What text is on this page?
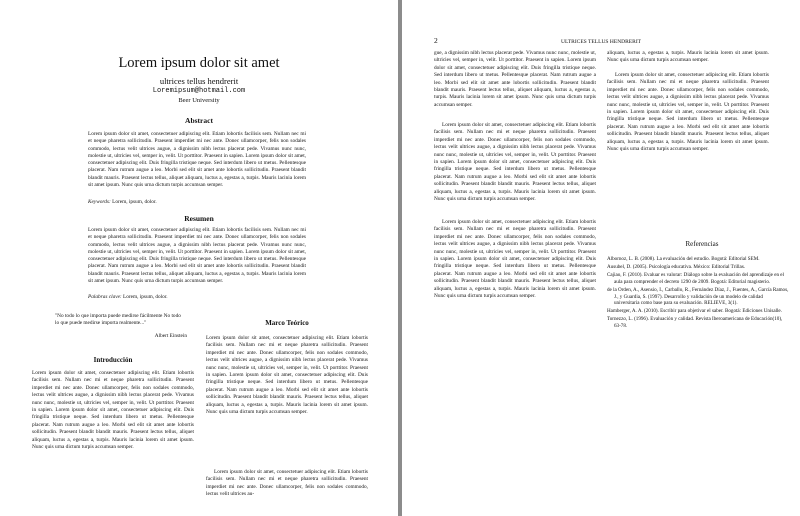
Lorem ipsum dolor sit amet
ultrices tellus hendrerit
Loremipsum@hotmail.com
Beer University
Abstract
Lorem ipsum dolor sit amet, consectetuer adipiscing elit. Etiam lobortis facilisis sem. Nullam nec mi et neque pharetra sollicitudin. Praesent imperdiet mi nec ante. Donec ullamcorper, felis non sodales commodo, lectus velit ultrices augue, a dignissim nibh lectus placerat pede. Vivamus nunc nunc, molestie ut, ultricies vel, semper in, velit. Ut porttitor. Praesent in sapien. Lorem ipsum dolor sit amet, consectetuer adipiscing elit. Duis fringilla tristique neque. Sed interdum libero ut metus. Pellentesque placerat. Nam rutrum augue a leo. Morbi sed elit sit amet ante lobortis sollicitudin. Praesent blandit blandit mauris. Praesent lectus tellus, aliquet aliquam, luctus a, egestas a, turpis. Mauris lacinia lorem sit amet ipsum. Nunc quis urna dictum turpis accumsan semper.
Keywords: Lorem, ipsum, dolor.
Resumen
Lorem ipsum dolor sit amet, consectetuer adipiscing elit. Etiam lobortis facilisis sem. Nullam nec mi et neque pharetra sollicitudin. Praesent imperdiet mi nec ante. Donec ullamcorper, felis non sodales commodo, lectus velit ultrices augue, a dignissim nibh lectus placerat pede. Vivamus nunc nunc, molestie ut, ultricies vel, semper in, velit. Ut porttitor. Praesent in sapien. Lorem ipsum dolor sit amet, consectetuer adipiscing elit. Duis fringilla tristique neque. Sed interdum libero ut metus. Pellentesque placerat. Nam rutrum augue a leo. Morbi sed elit sit amet ante lobortis sollicitudin. Praesent blandit blandit mauris. Praesent lectus tellus, aliquet aliquam, luctus a, egestas a, turpis. Mauris lacinia lorem sit amet ipsum. Nunc quis urna dictum turpis accumsan semper.
Palabras clave: Lorem, ipsum, dolor.
"No todo lo que importa puede medirse fácilmente No todo lo que puede medirse importa realmente..."
Albert Einstein
Introducción
Lorem ipsum dolor sit amet, consectetuer adipiscing elit. Etiam lobortis facilisis sem. Nullam nec mi et neque pharetra sollicitudin. Praesent imperdiet mi nec ante. Donec ullamcorper, felis non sodales commodo, lectus velit ultrices augue, a dignissim nibh lectus placerat pede. Vivamus nunc nunc, molestie ut, ultricies vel, semper in, velit. Ut porttitor. Praesent in sapien. Lorem ipsum dolor sit amet, consectetuer adipiscing elit. Duis fringilla tristique neque. Sed interdum libero ut metus. Pellentesque placerat. Nam rutrum augue a leo. Morbi sed elit sit amet ante lobortis sollicitudin. Praesent blandit blandit mauris. Praesent lectus tellus, aliquet aliquam, luctus a, egestas a, turpis. Mauris lacinia lorem sit amet ipsum. Nunc quis urna dictum turpis accumsan semper.
Marco Teórico
Lorem ipsum dolor sit amet, consectetuer adipiscing elit. Etiam lobortis facilisis sem. Nullam nec mi et neque pharetra sollicitudin. Praesent imperdiet mi nec ante. Donec ullamcorper, felis non sodales commodo, lectus velit ultrices augue, a dignissim nibh lectus placerat pede. Vivamus nunc nunc, molestie ut, ultricies vel, semper in, velit. Ut porttitor. Praesent in sapien. Lorem ipsum dolor sit amet, consectetuer adipiscing elit. Duis fringilla tristique neque. Sed interdum libero ut metus. Pellentesque placerat. Nam rutrum augue a leo. Morbi sed elit sit amet ante lobortis sollicitudin. Praesent blandit blandit mauris. Praesent lectus tellus, aliquet aliquam, luctus a, egestas a, turpis. Mauris lacinia lorem sit amet ipsum. Nunc quis urna dictum turpis accumsan semper.
Lorem ipsum dolor sit amet, consectetuer adipiscing elit. Etiam lobortis facilisis sem. Nullam nec mi et neque pharetra sollicitudin. Praesent imperdiet mi nec ante. Donec ullamcorper, felis non sodales commodo, lectus velit ultrices au-
2	ULTRICES TELLUS HENDRERIT
gue, a dignissim nibh lectus placerat pede. Vivamus nunc nunc, molestie ut, ultricies vel, semper in, velit. Ut porttitor. Praesent in sapien. Lorem ipsum dolor sit amet, consectetuer adipiscing elit. Duis fringilla tristique neque. Sed interdum libero ut metus. Pellentesque placerat. Nam rutrum augue a leo. Morbi sed elit sit amet ante lobortis sollicitudin. Praesent blandit blandit mauris. Praesent lectus tellus, aliquet aliquam, luctus a, egestas a, turpis. Mauris lacinia lorem sit amet ipsum. Nunc quis urna dictum turpis accumsan semper.
Lorem ipsum dolor sit amet, consectetuer adipiscing elit. Etiam lobortis facilisis sem. Nullam nec mi et neque pharetra sollicitudin. Praesent imperdiet mi nec ante. Donec ullamcorper, felis non sodales commodo, lectus velit ultrices augue, a dignissim nibh lectus placerat pede. Vivamus nunc nunc, molestie ut, ultricies vel, semper in, velit. Ut porttitor. Praesent in sapien. Lorem ipsum dolor sit amet, consectetuer adipiscing elit. Duis fringilla tristique neque. Sed interdum libero ut metus. Pellentesque placerat. Nam rutrum augue a leo. Morbi sed elit sit amet ante lobortis sollicitudin. Praesent blandit blandit mauris. Praesent lectus tellus, aliquet aliquam, luctus a, egestas a, turpis. Mauris lacinia lorem sit amet ipsum. Nunc quis urna dictum turpis accumsan semper.
Lorem ipsum dolor sit amet, consectetuer adipiscing elit. Etiam lobortis facilisis sem. Nullam nec mi et neque pharetra sollicitudin. Praesent imperdiet mi nec ante. Donec ullamcorper, felis non sodales commodo, lectus velit ultrices augue, a dignissim nibh lectus placerat pede. Vivamus nunc nunc, molestie ut, ultricies vel, semper in, velit. Ut porttitor. Praesent in sapien. Lorem ipsum dolor sit amet, consectetuer adipiscing elit. Duis fringilla tristique neque. Sed interdum libero ut metus. Pellentesque placerat. Nam rutrum augue a leo. Morbi sed elit sit amet ante lobortis sollicitudin. Praesent blandit blandit mauris. Praesent lectus tellus, aliquet aliquam, luctus a, egestas a, turpis. Mauris lacinia lorem sit amet ipsum. Nunc quis urna dictum turpis accumsan semper.
aliquam, luctus a, egestas a, turpis. Mauris lacinia lorem sit amet ipsum. Nunc quis urna dictum turpis accumsan semper.
Lorem ipsum dolor sit amet, consectetuer adipiscing elit. Etiam lobortis facilisis sem. Nullam nec mi et neque pharetra sollicitudin. Praesent imperdiet mi nec ante. Donec ullamcorper, felis non sodales commodo, lectus velit ultrices augue, a dignissim nibh lectus placerat pede. Vivamus nunc nunc, molestie ut, ultricies vel, semper in, velit. Ut porttitor. Praesent in sapien. Lorem ipsum dolor sit amet, consectetuer adipiscing elit. Duis fringilla tristique neque. Sed interdum libero ut metus. Pellentesque placerat. Nam rutrum augue a leo. Morbi sed elit sit amet ante lobortis sollicitudin. Praesent blandit blandit mauris. Praesent lectus tellus, aliquet aliquam, luctus a, egestas a, turpis. Mauris lacinia lorem sit amet ipsum. Nunc quis urna dictum turpis accumsan semper.
Referencias
Albornoz, L. B. (2008). La evaluación del estudio. Bogotá: Editorial SEM.
Ausubel, D. (2005). Psicología educativa. México: Editorial Trillas.
Cajiao, F. (2010). Evaluar es valorar: Diálogo sobre la evaluación del aprendizaje en el aula para comprender el decreto 1290 de 2009. Bogotá: Editorial magisterio.
de la Orden, A., Asensio, I., Carballo, R., Fernández Díaz, J., Fuentes, A., García Ramos, J., y Guardia, S. (1997). Desarrollo y validación de un modelo de calidad universitaria como base para su evaluación. RELIEVE, 3(1).
Hamberger, A. A. (2010). Escribir para objetivar el saber. Bogotá: Ediciones Unisalle.
Tornezzo, L. (1996). Evaluación y calidad. Revista Iberoamericana de Educación(10), 63-78.
